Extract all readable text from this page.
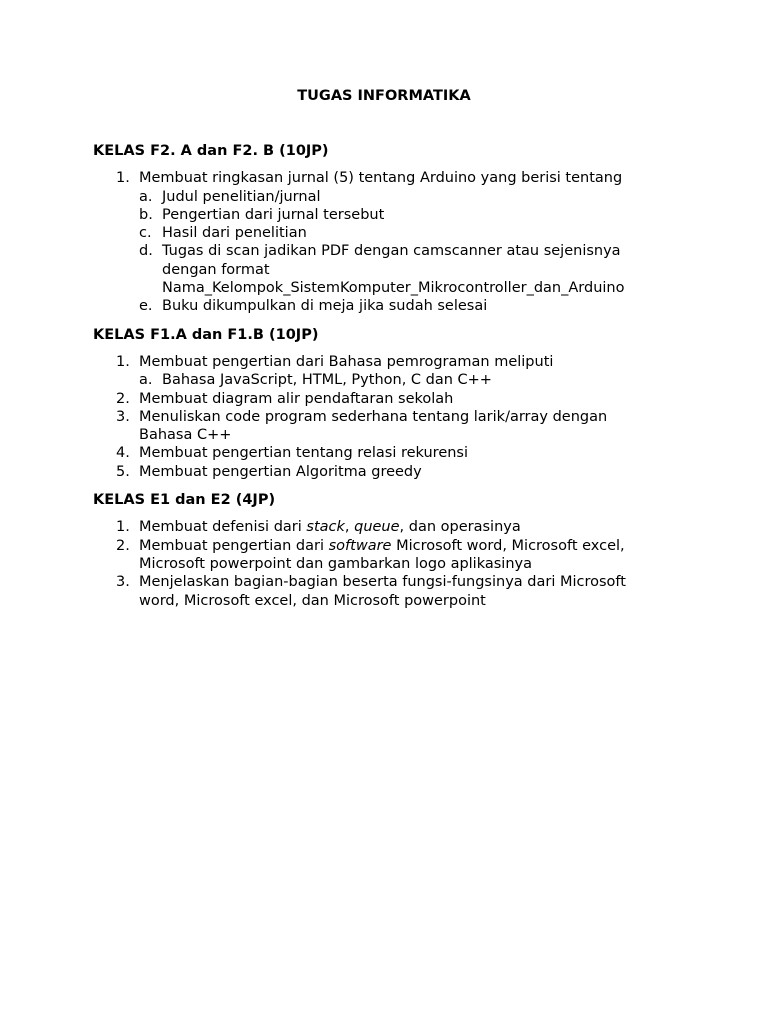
TUGAS INFORMATIKA
KELAS F2. A dan F2. B (10JP)
1. Membuat ringkasan jurnal (5) tentang Arduino yang berisi tentang
a. Judul penelitian/jurnal
b. Pengertian dari jurnal tersebut
c. Hasil dari penelitian
d. Tugas di scan jadikan PDF dengan camscanner atau sejenisnya
dengan format
Nama_Kelompok_SistemKomputer_Mikrocontroller_dan_Arduino
e. Buku dikumpulkan di meja jika sudah selesai
KELAS F1.A dan F1.B (10JP)
1. Membuat pengertian dari Bahasa pemrograman meliputi
a. Bahasa JavaScript, HTML, Python, C dan C++
2. Membuat diagram alir pendaftaran sekolah
3. Menuliskan code program sederhana tentang larik/array dengan
Bahasa C++
4. Membuat pengertian tentang relasi rekurensi
5. Membuat pengertian Algoritma greedy
KELAS E1 dan E2 (4JP)
1. Membuat defenisi dari stack, queue, dan operasinya
2. Membuat pengertian dari software Microsoft word, Microsoft excel,
Microsoft powerpoint dan gambarkan logo aplikasinya
3. Menjelaskan bagian-bagian beserta fungsi-fungsinya dari Microsoft
word, Microsoft excel, dan Microsoft powerpoint
